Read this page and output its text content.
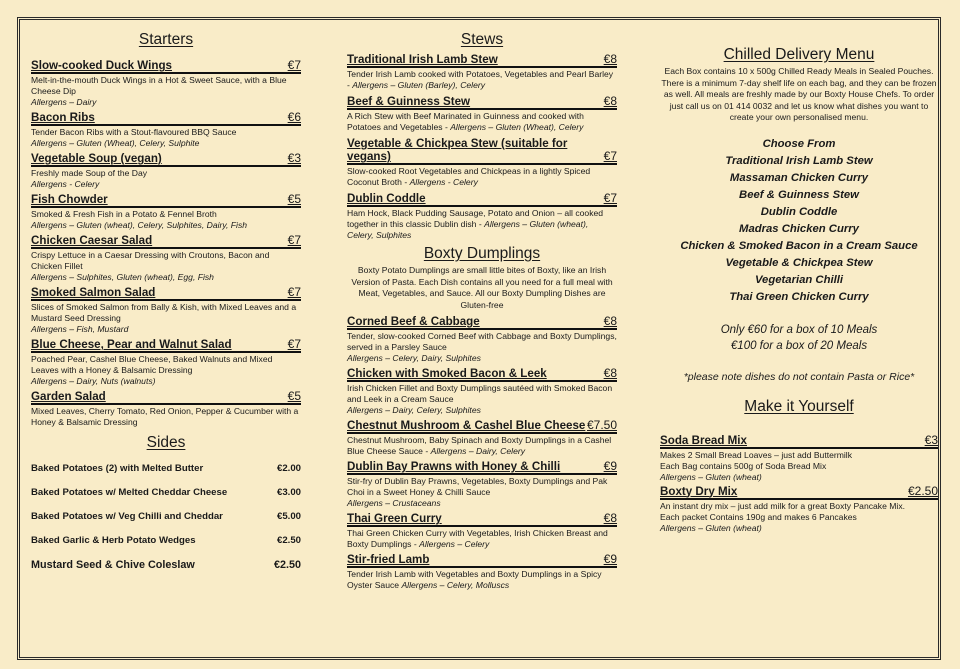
Starters
Slow-cooked Duck Wings	€7
Melt-in-the-mouth Duck Wings in a Hot & Sweet Sauce, with a Blue Cheese Dip
Allergens – Dairy
Bacon Ribs	€6
Tender Bacon Ribs with a Stout-flavoured BBQ Sauce
Allergens – Gluten (Wheat), Celery, Sulphite
Vegetable Soup (vegan)	€3
Freshly made Soup of the Day
Allergens - Celery
Fish Chowder	€5
Smoked & Fresh Fish in a Potato & Fennel Broth
Allergens – Gluten (wheat), Celery, Sulphites, Dairy, Fish
Chicken Caesar Salad	€7
Crispy Lettuce in a Caesar Dressing with Croutons, Bacon and Chicken Fillet
Allergens – Sulphites, Gluten (wheat), Egg, Fish
Smoked Salmon Salad	€7
Slices of Smoked Salmon from Bally & Kish, with Mixed Leaves and a Mustard Seed Dressing
Allergens – Fish, Mustard
Blue Cheese, Pear and Walnut Salad	€7
Poached Pear, Cashel Blue Cheese, Baked Walnuts and Mixed Leaves with a Honey & Balsamic Dressing
Allergens – Dairy, Nuts (walnuts)
Garden Salad	€5
Mixed Leaves, Cherry Tomato, Red Onion, Pepper & Cucumber with a Honey & Balsamic Dressing
Sides
Baked Potatoes (2) with Melted Butter	€2.00
Baked Potatoes w/ Melted Cheddar Cheese	€3.00
Baked Potatoes w/ Veg Chilli and Cheddar	€5.00
Baked Garlic & Herb Potato Wedges	€2.50
Mustard Seed & Chive Coleslaw	€2.50
Stews
Traditional Irish Lamb Stew	€8
Tender Irish Lamb cooked with Potatoes, Vegetables and Pearl Barley - Allergens – Gluten (Barley), Celery
Beef & Guinness Stew	€8
A Rich Stew with Beef Marinated in Guinness and cooked with Potatoes and Vegetables - Allergens – Gluten (Wheat), Celery
Vegetable & Chickpea Stew (suitable for vegans)	€7
Slow-cooked Root Vegetables and Chickpeas in a lightly Spiced Coconut Broth - Allergens - Celery
Dublin Coddle	€7
Ham Hock, Black Pudding Sausage, Potato and Onion – all cooked together in this classic Dublin dish - Allergens – Gluten (wheat), Celery, Sulphites
Boxty Dumplings
Boxty Potato Dumplings are small little bites of Boxty, like an Irish Version of Pasta. Each Dish contains all you need for a full meal with Meat, Vegetables, and Sauce. All our Boxty Dumpling Dishes are Gluten-free
Corned Beef & Cabbage	€8
Tender, slow-cooked Corned Beef with Cabbage and Boxty Dumplings, served in a Parsley Sauce
Allergens – Celery, Dairy, Sulphites
Chicken with Smoked Bacon & Leek	€8
Irish Chicken Fillet and Boxty Dumplings sautéed with Smoked Bacon and Leek in a Cream Sauce
Allergens – Dairy, Celery, Sulphites
Chestnut Mushroom & Cashel Blue Cheese €7.50
Chestnut Mushroom, Baby Spinach and Boxty Dumplings in a Cashel Blue Cheese Sauce - Allergens – Dairy, Celery
Dublin Bay Prawns with Honey & Chilli	€9
Stir-fry of Dublin Bay Prawns, Vegetables, Boxty Dumplings and Pak Choi in a Sweet Honey & Chilli Sauce
Allergens – Crustaceans
Thai Green Curry	€8
Thai Green Chicken Curry with Vegetables, Irish Chicken Breast and Boxty Dumplings - Allergens – Celery
Stir-fried Lamb	€9
Tender Irish Lamb with Vegetables and Boxty Dumplings in a Spicy Oyster Sauce Allergens – Celery, Molluscs
Chilled Delivery Menu
Each Box contains 10 x 500g Chilled Ready Meals in Sealed Pouches. There is a minimum 7-day shelf life on each bag, and they can be frozen as well. All meals are freshly made by our Boxty House Chefs. To order just call us on 01 414 0032 and let us know what dishes you want to create your own personalised menu.
Choose From
Traditional Irish Lamb Stew
Massaman Chicken Curry
Beef & Guinness Stew
Dublin Coddle
Madras Chicken Curry
Chicken & Smoked Bacon in a Cream Sauce
Vegetable & Chickpea Stew
Vegetarian Chilli
Thai Green Chicken Curry
Only €60 for a box of 10 Meals
€100 for a box of 20 Meals
*please note dishes do not contain Pasta or Rice*
Make it Yourself
Soda Bread Mix	€3
Makes 2 Small Bread Loaves – just add Buttermilk
Each Bag contains 500g of Soda Bread Mix
Allergens – Gluten (wheat)
Boxty Dry Mix	€2.50
An instant dry mix – just add milk for a great Boxty Pancake Mix.
Each packet Contains 190g and makes 6 Pancakes
Allergens – Gluten (wheat)
